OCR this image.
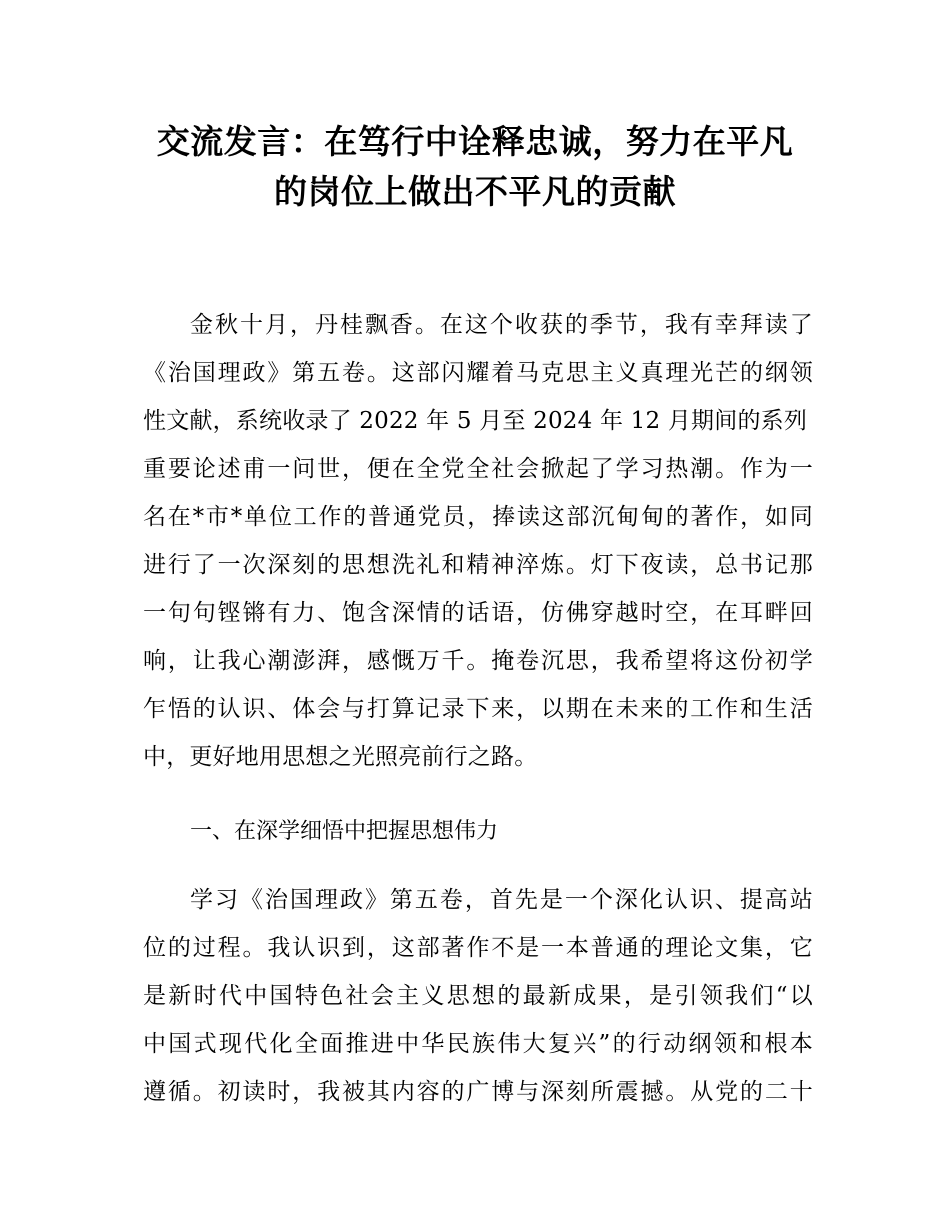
交流发言：在笃行中诠释忠诚，努力在平凡
的岗位上做出不平凡的贡献
金秋十月，丹桂飘香。在这个收获的季节，我有幸拜读了
《治国理政》第五卷。这部闪耀着马克思主义真理光芒的纲领
性文献，系统收录了 2022 年 5 月至 2024 年 12 月期间的系列
重要论述甫一问世，便在全党全社会掀起了学习热潮。作为一
名在*市*单位工作的普通党员，捧读这部沉甸甸的著作，如同
进行了一次深刻的思想洗礼和精神淬炼。灯下夜读，总书记那
一句句铿锵有力、饱含深情的话语，仿佛穿越时空，在耳畔回
响，让我心潮澎湃，感慨万千。掩卷沉思，我希望将这份初学
乍悟的认识、体会与打算记录下来，以期在未来的工作和生活
中，更好地用思想之光照亮前行之路。
一、在深学细悟中把握思想伟力
学习《治国理政》第五卷，首先是一个深化认识、提高站
位的过程。我认识到，这部著作不是一本普通的理论文集，它
是新时代中国特色社会主义思想的最新成果，是引领我们“以
中国式现代化全面推进中华民族伟大复兴”的行动纲领和根本
遵循。初读时，我被其内容的广博与深刻所震撼。从党的二十
